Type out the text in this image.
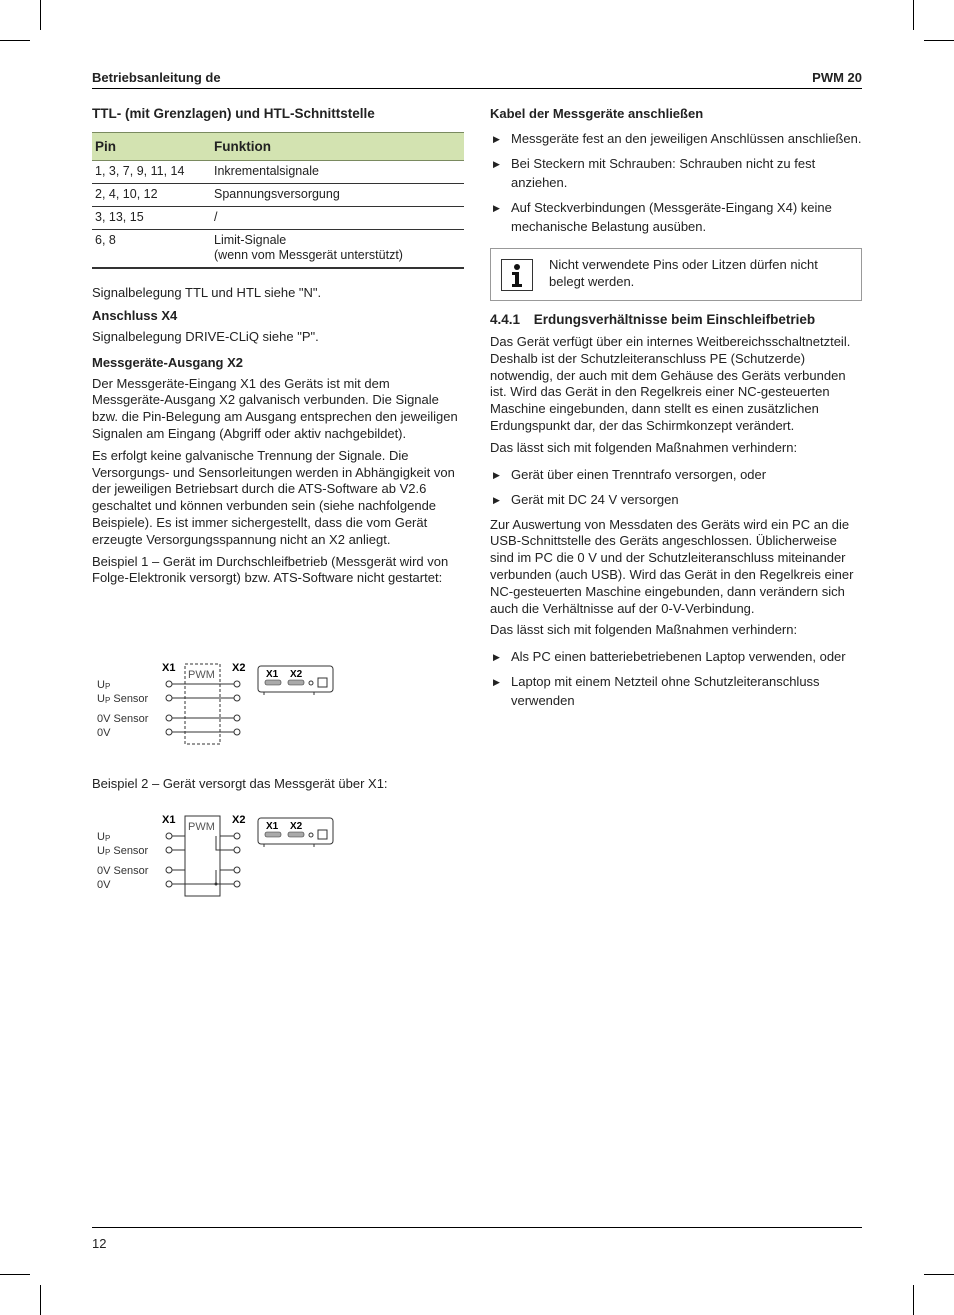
Betriebsanleitung de	PWM 20
TTL- (mit Grenzlagen) und HTL-Schnittstelle
Pin	Funktion
1, 3, 7, 9, 11, 14	Inkrementalsignale
2, 4, 10, 12	Spannungsversorgung
3, 13, 15	/
6, 8	Limit-Signale
(wenn vom Messgerät unterstützt)

Signalbelegung TTL und HTL siehe "N".

Anschluss X4

Signalbelegung DRIVE-CLiQ siehe "P".

Messgeräte-Ausgang X2

Der Messgeräte-Eingang X1 des Geräts ist mit dem Messgeräte-Ausgang X2 galvanisch verbunden. Die Signale bzw. die Pin-Belegung am Ausgang entsprechen den jeweiligen Signalen am Eingang (Abgriff oder aktiv nachgebildet).

Es erfolgt keine galvanische Trennung der Signale. Die Versorgungs- und Sensorleitungen werden in Abhängigkeit von der jeweiligen Betriebsart durch die ATS-Software ab V2.6 geschaltet und können verbunden sein (siehe nachfolgende Beispiele). Es ist immer sichergestellt, dass die vom Gerät erzeugte Versorgungsspannung nicht an X2 anliegt.

Beispiel 1 – Gerät im Durchschleifbetrieb (Messgerät wird von Folge-Elektronik versorgt) bzw. ATS-Software nicht gestartet:

X1	X2
PWM
UP
UP Sensor
0V Sensor
0V
X1 X2

Beispiel 2 – Gerät versorgt das Messgerät über X1:

X1	X2
PWM
UP
UP Sensor
0V Sensor
0V
X1 X2
Kabel der Messgeräte anschließen
▶ Messgeräte fest an den jeweiligen Anschlüssen anschließen.
▶ Bei Steckern mit Schrauben: Schrauben nicht zu fest anziehen.
▶ Auf Steckverbindungen (Messgeräte-Eingang X4) keine mechanische Belastung ausüben.
Nicht verwendete Pins oder Litzen dürfen nicht belegt werden.
4.4.1 Erdungsverhältnisse beim Einschleifbetrieb

Das Gerät verfügt über ein internes Weitbereichsschaltnetzteil. Deshalb ist der Schutzleiteranschluss PE (Schutzerde) notwendig, der auch mit dem Gehäuse des Geräts verbunden ist. Wird das Gerät in den Regelkreis einer NC-gesteuerten Maschine eingebunden, dann stellt es einen zusätzlichen Erdungspunkt dar, der das Schirmkonzept verändert.

Das lässt sich mit folgenden Maßnahmen verhindern:

▶ Gerät über einen Trenntrafo versorgen, oder
▶ Gerät mit DC 24 V versorgen

Zur Auswertung von Messdaten des Geräts wird ein PC an die USB-Schnittstelle des Geräts angeschlossen. Üblicherweise sind im PC die 0 V und der Schutzleiteranschluss miteinander verbunden (auch USB). Wird das Gerät in den Regelkreis einer NC-gesteuerten Maschine eingebunden, dann verändern sich auch die Verhältnisse auf der 0-V-Verbindung.

Das lässt sich mit folgenden Maßnahmen verhindern:

▶ Als PC einen batteriebetriebenen Laptop verwenden, oder
▶ Laptop mit einem Netzteil ohne Schutzleiteranschluss verwenden
12
